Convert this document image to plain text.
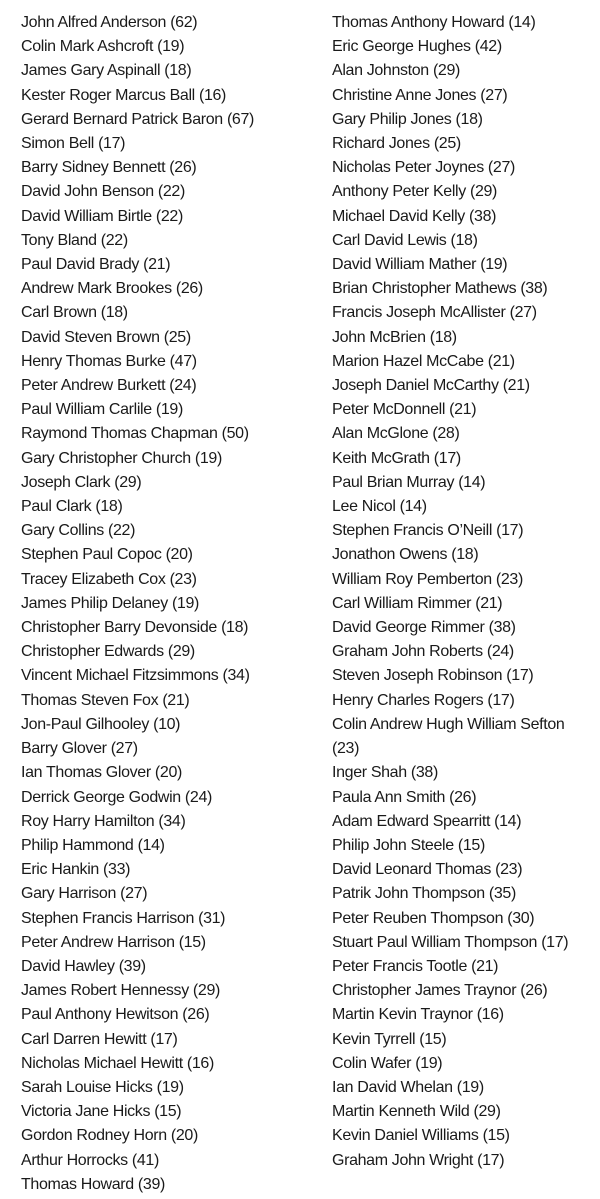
John Alfred Anderson (62)
Colin Mark Ashcroft (19)
James Gary Aspinall (18)
Kester Roger Marcus Ball (16)
Gerard Bernard Patrick Baron (67)
Simon Bell (17)
Barry Sidney Bennett (26)
David John Benson (22)
David William Birtle (22)
Tony Bland (22)
Paul David Brady (21)
Andrew Mark Brookes (26)
Carl Brown (18)
David Steven Brown (25)
Henry Thomas Burke (47)
Peter Andrew Burkett (24)
Paul William Carlile (19)
Raymond Thomas Chapman (50)
Gary Christopher Church (19)
Joseph Clark (29)
Paul Clark (18)
Gary Collins (22)
Stephen Paul Copoc (20)
Tracey Elizabeth Cox (23)
James Philip Delaney (19)
Christopher Barry Devonside (18)
Christopher Edwards (29)
Vincent Michael Fitzsimmons (34)
Thomas Steven Fox (21)
Jon-Paul Gilhooley (10)
Barry Glover (27)
Ian Thomas Glover (20)
Derrick George Godwin (24)
Roy Harry Hamilton (34)
Philip Hammond (14)
Eric Hankin (33)
Gary Harrison (27)
Stephen Francis Harrison (31)
Peter Andrew Harrison (15)
David Hawley (39)
James Robert Hennessy (29)
Paul Anthony Hewitson (26)
Carl Darren Hewitt (17)
Nicholas Michael Hewitt (16)
Sarah Louise Hicks (19)
Victoria Jane Hicks (15)
Gordon Rodney Horn (20)
Arthur Horrocks (41)
Thomas Howard (39)
Thomas Anthony Howard (14)
Eric George Hughes (42)
Alan Johnston (29)
Christine Anne Jones (27)
Gary Philip Jones (18)
Richard Jones (25)
Nicholas Peter Joynes (27)
Anthony Peter Kelly (29)
Michael David Kelly (38)
Carl David Lewis (18)
David William Mather (19)
Brian Christopher Mathews (38)
Francis Joseph McAllister (27)
John McBrien (18)
Marion Hazel McCabe (21)
Joseph Daniel McCarthy (21)
Peter McDonnell (21)
Alan McGlone (28)
Keith McGrath (17)
Paul Brian Murray (14)
Lee Nicol (14)
Stephen Francis O’Neill (17)
Jonathon Owens (18)
William Roy Pemberton (23)
Carl William Rimmer (21)
David George Rimmer (38)
Graham John Roberts (24)
Steven Joseph Robinson (17)
Henry Charles Rogers (17)
Colin Andrew Hugh William Sefton (23)
Inger Shah (38)
Paula Ann Smith (26)
Adam Edward Spearritt (14)
Philip John Steele (15)
David Leonard Thomas (23)
Patrik John Thompson (35)
Peter Reuben Thompson (30)
Stuart Paul William Thompson (17)
Peter Francis Tootle (21)
Christopher James Traynor (26)
Martin Kevin Traynor (16)
Kevin Tyrrell (15)
Colin Wafer (19)
Ian David Whelan (19)
Martin Kenneth Wild (29)
Kevin Daniel Williams (15)
Graham John Wright (17)
